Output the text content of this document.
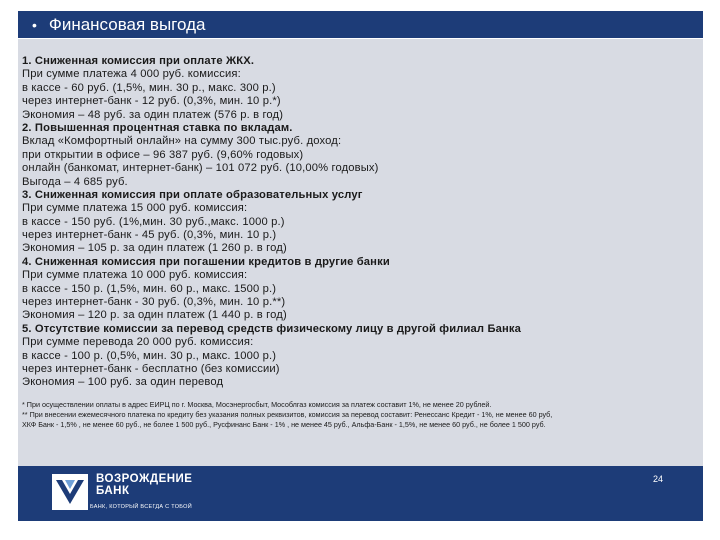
• Финансовая выгода
1. Сниженная комиссия при оплате ЖКХ.
При сумме платежа 4 000 руб. комиссия:
в кассе - 60 руб. (1,5%, мин. 30 р., макс. 300 р.)
через интернет-банк - 12 руб. (0,3%, мин. 10 р.*)
Экономия – 48 руб. за один платеж (576 р. в год)
2. Повышенная процентная ставка по вкладам.
Вклад «Комфортный онлайн» на сумму 300 тыс.руб. доход:
при открытии в офисе – 96 387 руб. (9,60% годовых)
онлайн (банкомат, интернет-банк) – 101 072 руб. (10,00% годовых)
Выгода – 4 685 руб.
3. Сниженная комиссия при оплате образовательных услуг
При сумме платежа 15 000 руб. комиссия:
в кассе - 150 руб. (1%,мин. 30 руб.,макс. 1000 р.)
через интернет-банк - 45 руб. (0,3%, мин. 10 р.)
Экономия – 105 р. за один платеж (1 260 р. в год)
4. Сниженная комиссия при погашении кредитов в другие банки
При сумме платежа 10 000 руб. комиссия:
в кассе - 150 р. (1,5%, мин. 60 р., макс. 1500 р.)
через интернет-банк - 30 руб. (0,3%, мин. 10 р.**)
Экономия – 120 р. за один платеж (1 440 р. в год)
5. Отсутствие комиссии за перевод средств физическому лицу в другой филиал Банка
При сумме перевода 20 000 руб. комиссия:
в кассе - 100 р. (0,5%, мин. 30 р., макс. 1000 р.)
через интернет-банк - бесплатно (без комиссии)
Экономия – 100 руб. за один перевод
* При осуществлении оплаты в адрес ЕИРЦ по г. Москва, Мосэнергосбыт, Мособлгаз комиссия за платеж составит 1%, не менее 20 рублей.
** При внесении ежемесячного платежа по кредиту без указания полных реквизитов, комиссия за перевод составит: Ренессанс Кредит - 1%, не менее 60 руб,
ХКФ Банк - 1,5% , не менее 60 руб., не более 1 500 руб., Русфинанс Банк - 1% , не менее 45 руб., Альфа-Банк - 1,5%, не менее 60 руб., не более 1 500 руб.
ВОЗРОЖДЕНИЕ
БАНК
БАНК, КОТОРЫЙ ВСЕГДА С ТОБОЙ
24
